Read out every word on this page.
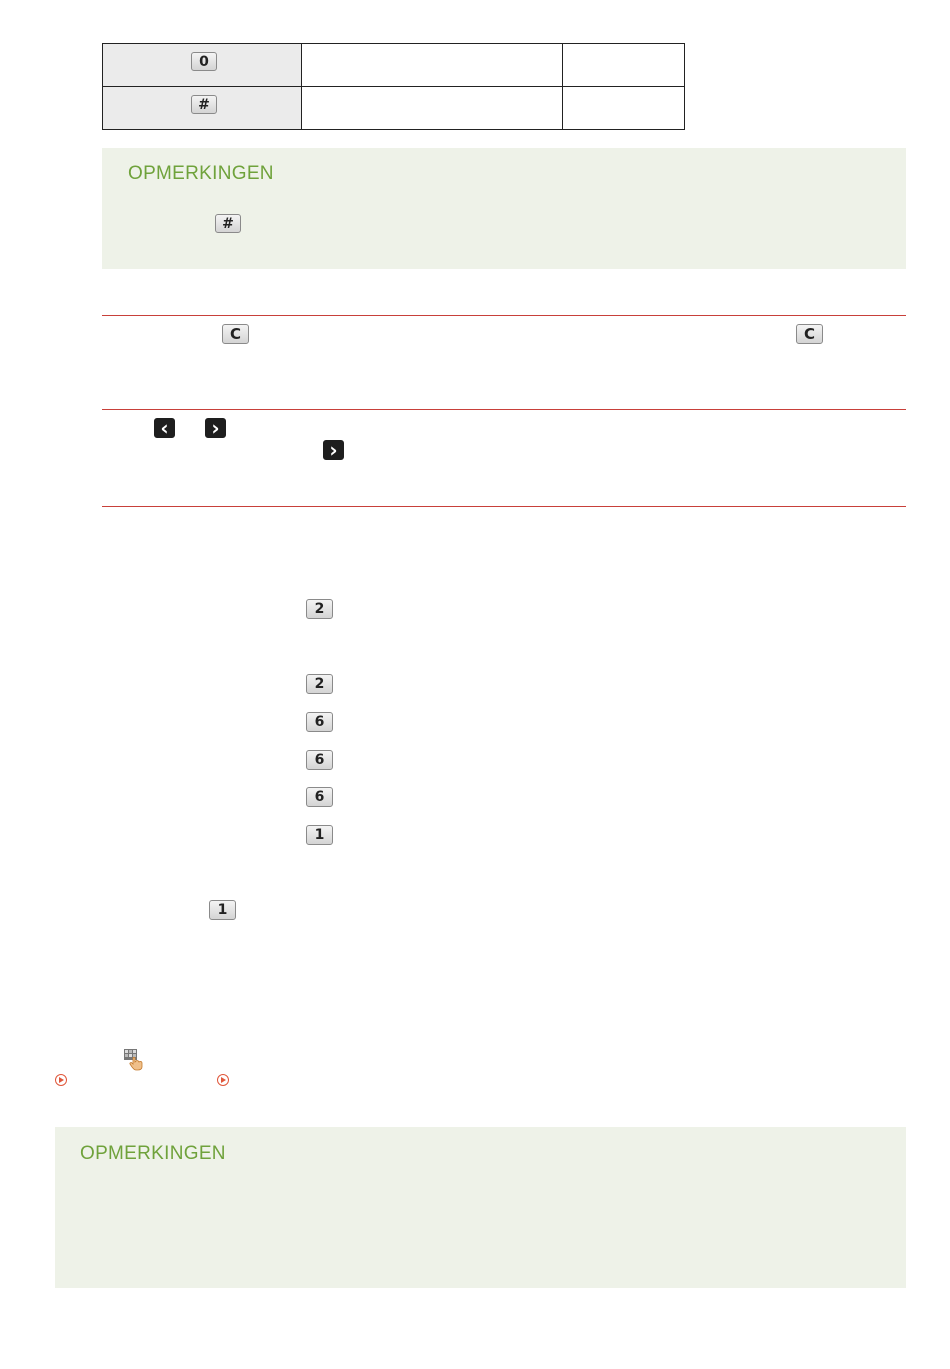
0		

#		

OPMERKINGEN
#
C	C
‹	›
›
2
2
6
6
6
1
1
OPMERKINGEN
